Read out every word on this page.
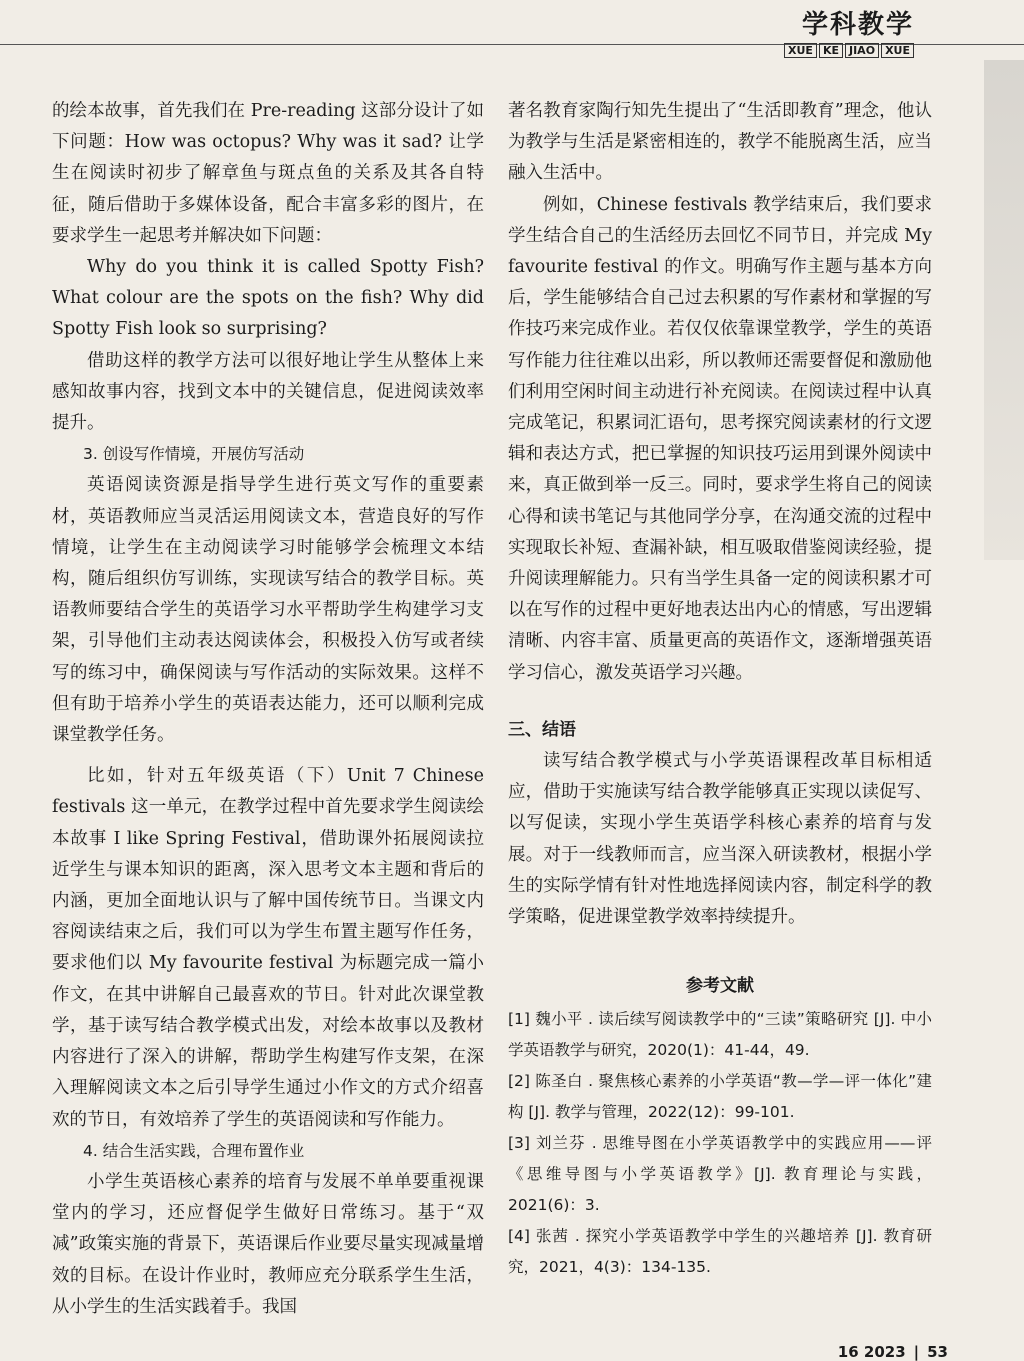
学科教学
XUE KE JIAO XUE

的绘本故事，首先我们在 Pre-reading 这部分设计了如下问题：How was octopus? Why was it sad? 让学生在阅读时初步了解章鱼与斑点鱼的关系及其各自特征，随后借助于多媒体设备，配合丰富多彩的图片，在要求学生一起思考并解决如下问题：

Why do you think it is called Spotty Fish? What colour are the spots on the fish? Why did Spotty Fish look so surprising?

借助这样的教学方法可以很好地让学生从整体上来感知故事内容，找到文本中的关键信息，促进阅读效率提升。

3. 创设写作情境，开展仿写活动

英语阅读资源是指导学生进行英文写作的重要素材，英语教师应当灵活运用阅读文本，营造良好的写作情境，让学生在主动阅读学习时能够学会梳理文本结构，随后组织仿写训练，实现读写结合的教学目标。英语教师要结合学生的英语学习水平帮助学生构建学习支架，引导他们主动表达阅读体会，积极投入仿写或者续写的练习中，确保阅读与写作活动的实际效果。这样不但有助于培养小学生的英语表达能力，还可以顺利完成课堂教学任务。

比如，针对五年级英语（下）Unit 7 Chinese festivals 这一单元，在教学过程中首先要求学生阅读绘本故事 I like Spring Festival，借助课外拓展阅读拉近学生与课本知识的距离，深入思考文本主题和背后的内涵，更加全面地认识与了解中国传统节日。当课文内容阅读结束之后，我们可以为学生布置主题写作任务，要求他们以 My favourite festival 为标题完成一篇小作文，在其中讲解自己最喜欢的节日。针对此次课堂教学，基于读写结合教学模式出发，对绘本故事以及教材内容进行了深入的讲解，帮助学生构建写作支架，在深入理解阅读文本之后引导学生通过小作文的方式介绍喜欢的节日，有效培养了学生的英语阅读和写作能力。

4. 结合生活实践，合理布置作业

小学生英语核心素养的培育与发展不单单要重视课堂内的学习，还应督促学生做好日常练习。基于“双减”政策实施的背景下，英语课后作业要尽量实现减量增效的目标。在设计作业时，教师应充分联系学生生活，从小学生的生活实践着手。我国

著名教育家陶行知先生提出了“生活即教育”理念，他认为教学与生活是紧密相连的，教学不能脱离生活，应当融入生活中。

例如，Chinese festivals 教学结束后，我们要求学生结合自己的生活经历去回忆不同节日，并完成 My favourite festival 的作文。明确写作主题与基本方向后，学生能够结合自己过去积累的写作素材和掌握的写作技巧来完成作业。若仅仅依靠课堂教学，学生的英语写作能力往往难以出彩，所以教师还需要督促和激励他们利用空闲时间主动进行补充阅读。在阅读过程中认真完成笔记，积累词汇语句，思考探究阅读素材的行文逻辑和表达方式，把已掌握的知识技巧运用到课外阅读中来，真正做到举一反三。同时，要求学生将自己的阅读心得和读书笔记与其他同学分享，在沟通交流的过程中实现取长补短、查漏补缺，相互吸取借鉴阅读经验，提升阅读理解能力。只有当学生具备一定的阅读积累才可以在写作的过程中更好地表达出内心的情感，写出逻辑清晰、内容丰富、质量更高的英语作文，逐渐增强英语学习信心，激发英语学习兴趣。

三、结语

读写结合教学模式与小学英语课程改革目标相适应，借助于实施读写结合教学能够真正实现以读促写、以写促读，实现小学生英语学科核心素养的培育与发展。对于一线教师而言，应当深入研读教材，根据小学生的实际学情有针对性地选择阅读内容，制定科学的教学策略，促进课堂教学效率持续提升。

参考文献

[1] 魏小平 . 读后续写阅读教学中的“三读”策略研究 [J]. 中小学英语教学与研究，2020(1)：41-44，49.

[2] 陈圣白 . 聚焦核心素养的小学英语“教—学—评一体化”建构 [J]. 教学与管理，2022(12)：99-101.

[3] 刘兰芬 . 思维导图在小学英语教学中的实践应用——评《思维导图与小学英语教学》[J]. 教育理论与实践，2021(6)：3.

[4] 张茜 . 探究小学英语教学中学生的兴趣培养 [J]. 教育研究，2021，4(3)：134-135.

16 2023 | 53
